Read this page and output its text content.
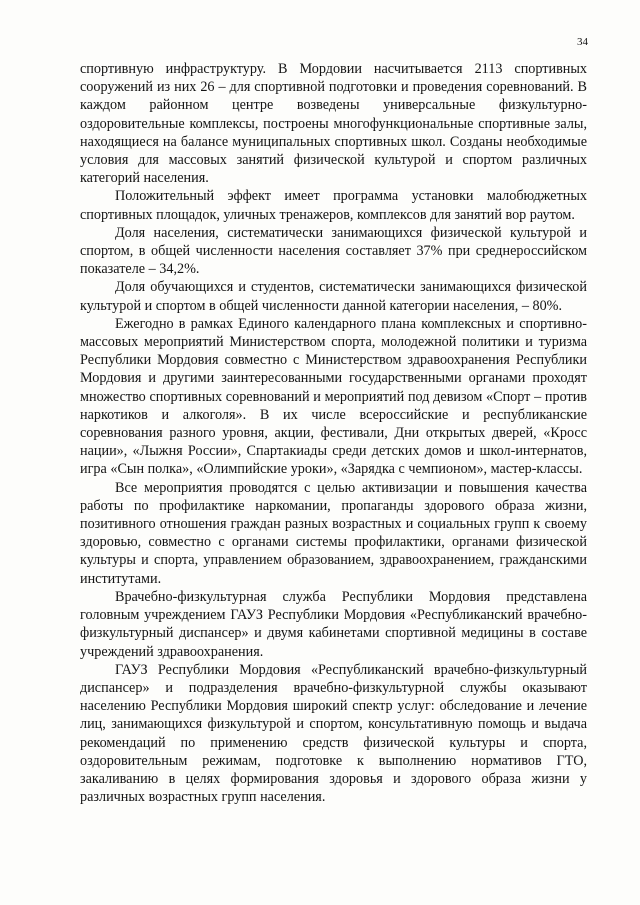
34

спортивную инфраструктуру. В Мордовии насчитывается 2113 спортивных сооружений из них 26 – для спортивной подготовки и проведения соревнований. В каждом районном центре возведены универсальные физкультурно-оздоровительные комплексы, построены многофункциональные спортивные залы, находящиеся на балансе муниципальных спортивных школ. Созданы необходимые условия для массовых занятий физической культурой и спортом различных категорий населения.

Положительный эффект имеет программа установки малобюджетных спортивных площадок, уличных тренажеров, комплексов для занятий вор раутом.

Доля населения, систематически занимающихся физической культурой и спортом, в общей численности населения составляет 37% при среднероссийском показателе – 34,2%.

Доля обучающихся и студентов, систематически занимающихся физической культурой и спортом в общей численности данной категории населения, – 80%.

Ежегодно в рамках Единого календарного плана комплексных и спортивно-массовых мероприятий Министерством спорта, молодежной политики и туризма Республики Мордовия совместно с Министерством здравоохранения Республики Мордовия и другими заинтересованными государственными органами проходят множество спортивных соревнований и мероприятий под девизом «Спорт – против наркотиков и алкоголя». В их числе всероссийские и республиканские соревнования разного уровня, акции, фестивали, Дни открытых дверей, «Кросс нации», «Лыжня России», Спартакиады среди детских домов и школ-интернатов, игра «Сын полка», «Олимпийские уроки», «Зарядка с чемпионом», мастер-классы.

Все мероприятия проводятся с целью активизации и повышения качества работы по профилактике наркомании, пропаганды здорового образа жизни, позитивного отношения граждан разных возрастных и социальных групп к своему здоровью, совместно с органами системы профилактики, органами физической культуры и спорта, управлением образованием, здравоохранением, гражданскими институтами.

Врачебно-физкультурная служба Республики Мордовия представлена головным учреждением ГАУЗ Республики Мордовия «Республиканский врачебно-физкультурный диспансер» и двумя кабинетами спортивной медицины в составе учреждений здравоохранения.

ГАУЗ Республики Мордовия «Республиканский врачебно-физкультурный диспансер» и подразделения врачебно-физкультурной службы оказывают населению Республики Мордовия широкий спектр услуг: обследование и лечение лиц, занимающихся физкультурой и спортом, консультативную помощь и выдача рекомендаций по применению средств физической культуры и спорта, оздоровительным режимам, подготовке к выполнению нормативов ГТО, закаливанию в целях формирования здоровья и здорового образа жизни у различных возрастных групп населения.
